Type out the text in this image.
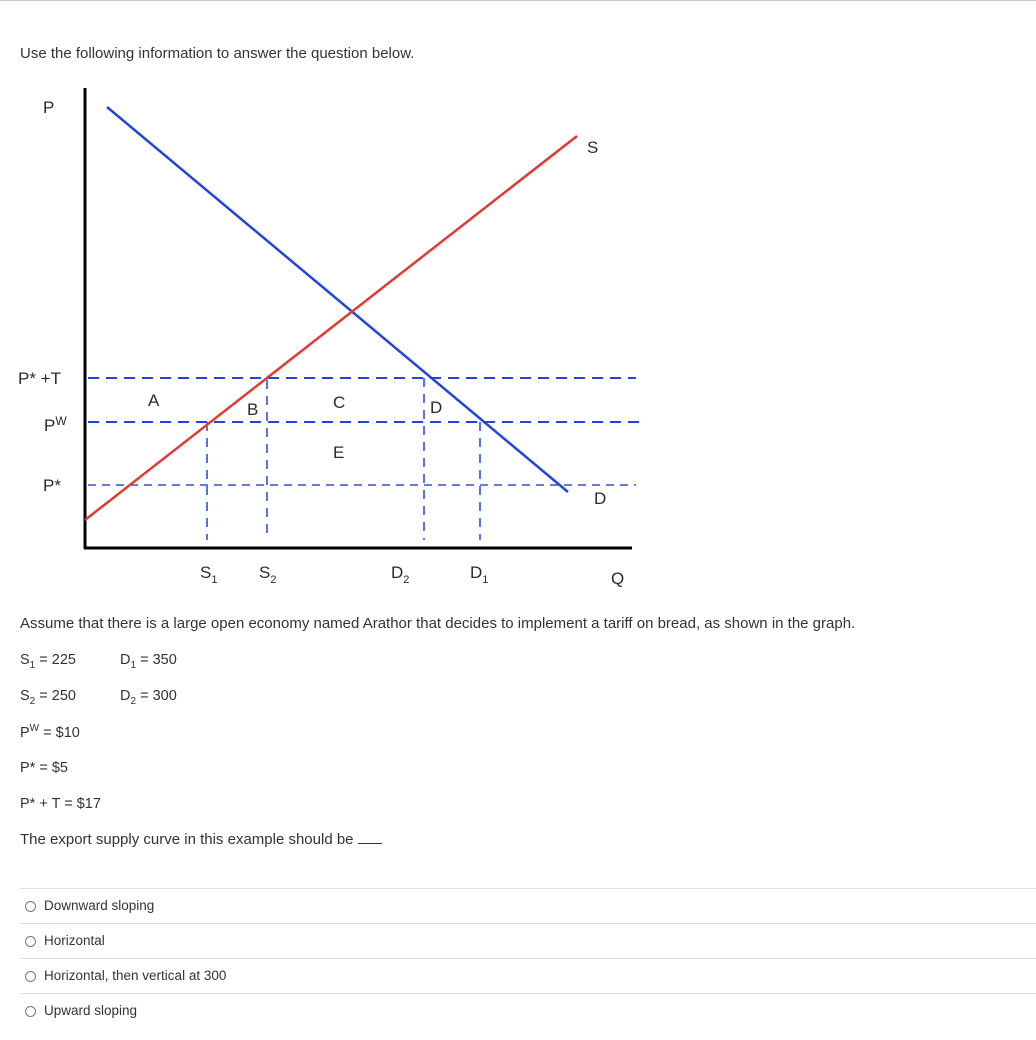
Use the following information to answer the question below.
P
Q
P* +T
$P^W$
P*
S
D
A	B	C	D
E
$S_1$ $S_2$	$D_2$	$D_1$
Assume that there is a large open economy named Arathor that decides to implement a tariff on bread, as shown in the graph.
$S_1 = 225$	$D_1 = 350$
$S_2 = 250$	$D_2 = 300$
$P^W$ = $10
P* = $5
P* + T = $17
The export supply curve in this example should be
Downward sloping
Horizontal
Horizontal, then vertical at 300
Upward sloping
